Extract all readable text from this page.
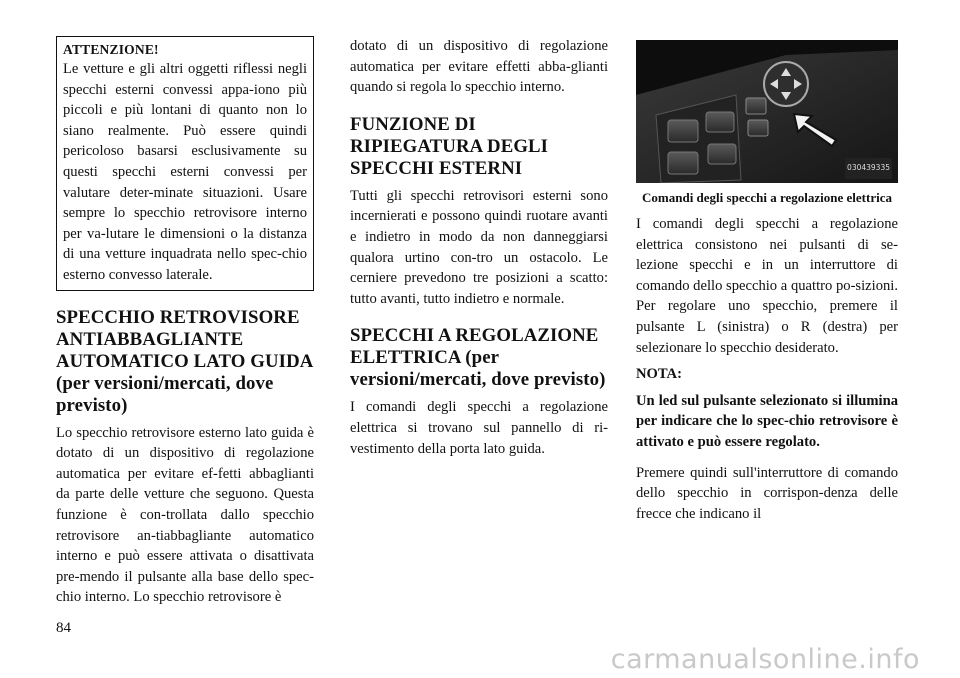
ATTENZIONE!

Le vetture e gli altri oggetti riflessi negli specchi esterni convessi appa-iono più piccoli e più lontani di quanto non lo siano realmente. Può essere quindi pericoloso basarsi esclusivamente su questi specchi esterni convessi per valutare deter-minate situazioni. Usare sempre lo specchio retrovisore interno per va-lutare le dimensioni o la distanza di una vetture inquadrata nello spec-chio esterno convesso laterale.

SPECCHIO RETROVISORE ANTIABBAGLIANTE AUTOMATICO LATO GUIDA (per versioni/mercati, dove previsto)

Lo specchio retrovisore esterno lato guida è dotato di un dispositivo di regolazione automatica per evitare ef-fetti abbaglianti da parte delle vetture che seguono. Questa funzione è con-trollata dallo specchio retrovisore an-tiabbagliante automatico interno e può essere attivata o disattivata pre-mendo il pulsante alla base dello spec-chio interno. Lo specchio retrovisore è

dotato di un dispositivo di regolazione automatica per evitare effetti abba-glianti quando si regola lo specchio interno.

FUNZIONE DI RIPIEGATURA DEGLI SPECCHI ESTERNI

Tutti gli specchi retrovisori esterni sono incernierati e possono quindi ruotare avanti e indietro in modo da non danneggiarsi qualora urtino con-tro un ostacolo. Le cerniere prevedono tre posizioni a scatto: tutto avanti, tutto indietro e normale.

SPECCHI A REGOLAZIONE ELETTRICA (per versioni/mercati, dove previsto)

I comandi degli specchi a regolazione elettrica si trovano sul pannello di ri-vestimento della porta lato guida.

030439335
Comandi degli specchi a regolazione elettrica

I comandi degli specchi a regolazione elettrica consistono nei pulsanti di se-lezione specchi e in un interruttore di comando dello specchio a quattro po-sizioni. Per regolare uno specchio, premere il pulsante L (sinistra) o R (destra) per selezionare lo specchio desiderato.

NOTA:

Un led sul pulsante selezionato si illumina per indicare che lo spec-chio retrovisore è attivato e può essere regolato.

Premere quindi sull'interruttore di comando dello specchio in corrispon-denza delle frecce che indicano il

84
carmanualsonline.info
